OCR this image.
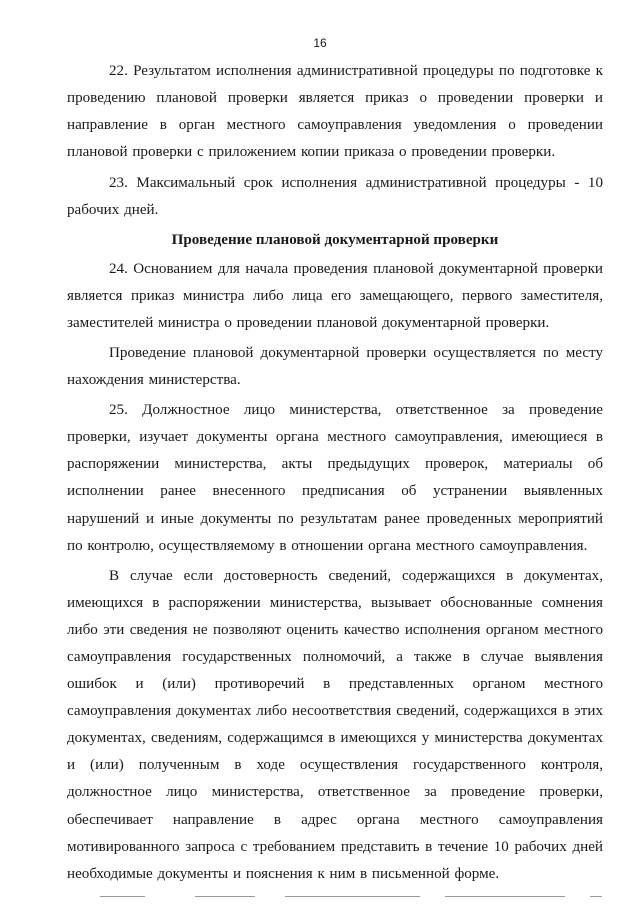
16

22. Результатом исполнения административной процедуры по подготовке к проведению плановой проверки является приказ о проведении проверки и направление в орган местного самоуправления уведомления о проведении плановой проверки с приложением копии приказа о проведении проверки.

23. Максимальный срок исполнения административной процедуры - 10 рабочих дней.

Проведение плановой документарной проверки

24. Основанием для начала проведения плановой документарной проверки является приказ министра либо лица его замещающего, первого заместителя, заместителей министра о проведении плановой документарной проверки.

Проведение плановой документарной проверки осуществляется по месту нахождения министерства.

25. Должностное лицо министерства, ответственное за проведение проверки, изучает документы органа местного самоуправления, имеющиеся в распоряжении министерства, акты предыдущих проверок, материалы об исполнении ранее внесенного предписания об устранении выявленных нарушений и иные документы по результатам ранее проведенных мероприятий по контролю, осуществляемому в отношении органа местного самоуправления.

В случае если достоверность сведений, содержащихся в документах, имеющихся в распоряжении министерства, вызывает обоснованные сомнения либо эти сведения не позволяют оценить качество исполнения органом местного самоуправления государственных полномочий, а также в случае выявления ошибок и (или) противоречий в представленных органом местного самоуправления документах либо несоответствия сведений, содержащихся в этих документах, сведениям, содержащимся в имеющихся у министерства документах и (или) полученным в ходе осуществления государственного контроля, должностное лицо министерства, ответственное за проведение проверки, обеспечивает направление в адрес органа местного самоуправления мотивированного запроса с требованием представить в течение 10 рабочих дней необходимые документы и пояснения к ним в письменной форме.
